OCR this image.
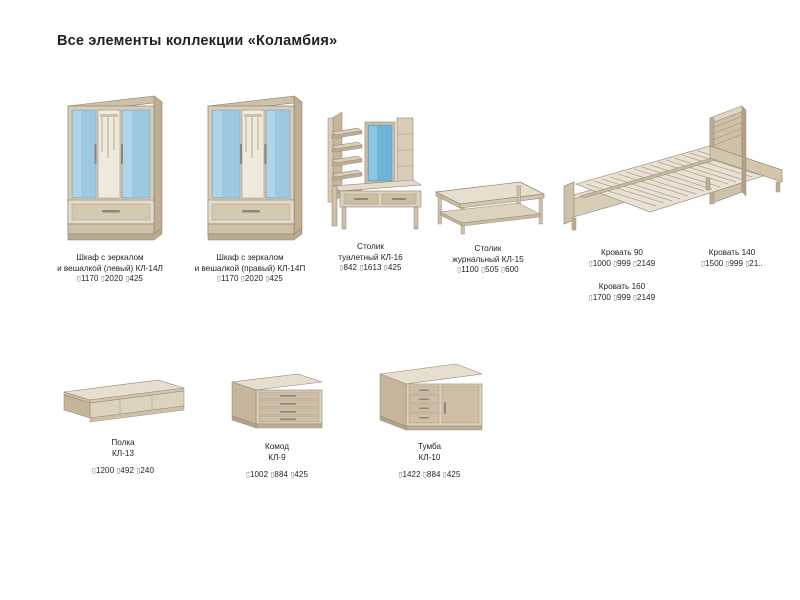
Все элементы коллекции «Коламбия»
Шкаф с зеркалом
и вешалкой (левый) КЛ-14Л
▯1170 ▯2020 ▯425
Шкаф с зеркалом
и вешалкой (правый) КЛ-14П
▯1170 ▯2020 ▯425
Столик
туалетный КЛ-16
▯842 ▯1613 ▯425
Столик
журнальный КЛ-15
▯1100 ▯505 ▯600
Кровать 90
▯1000 ▯999 ▯2149
Кровать 140
▯1500 ▯999 ▯21..
Кровать 160
▯1700 ▯999 ▯2149
Полка
КЛ-13
▯1200 ▯492 ▯240
Комод
КЛ-9
▯1002 ▯884 ▯425
Тумба
КЛ-10
▯1422 ▯884 ▯425
